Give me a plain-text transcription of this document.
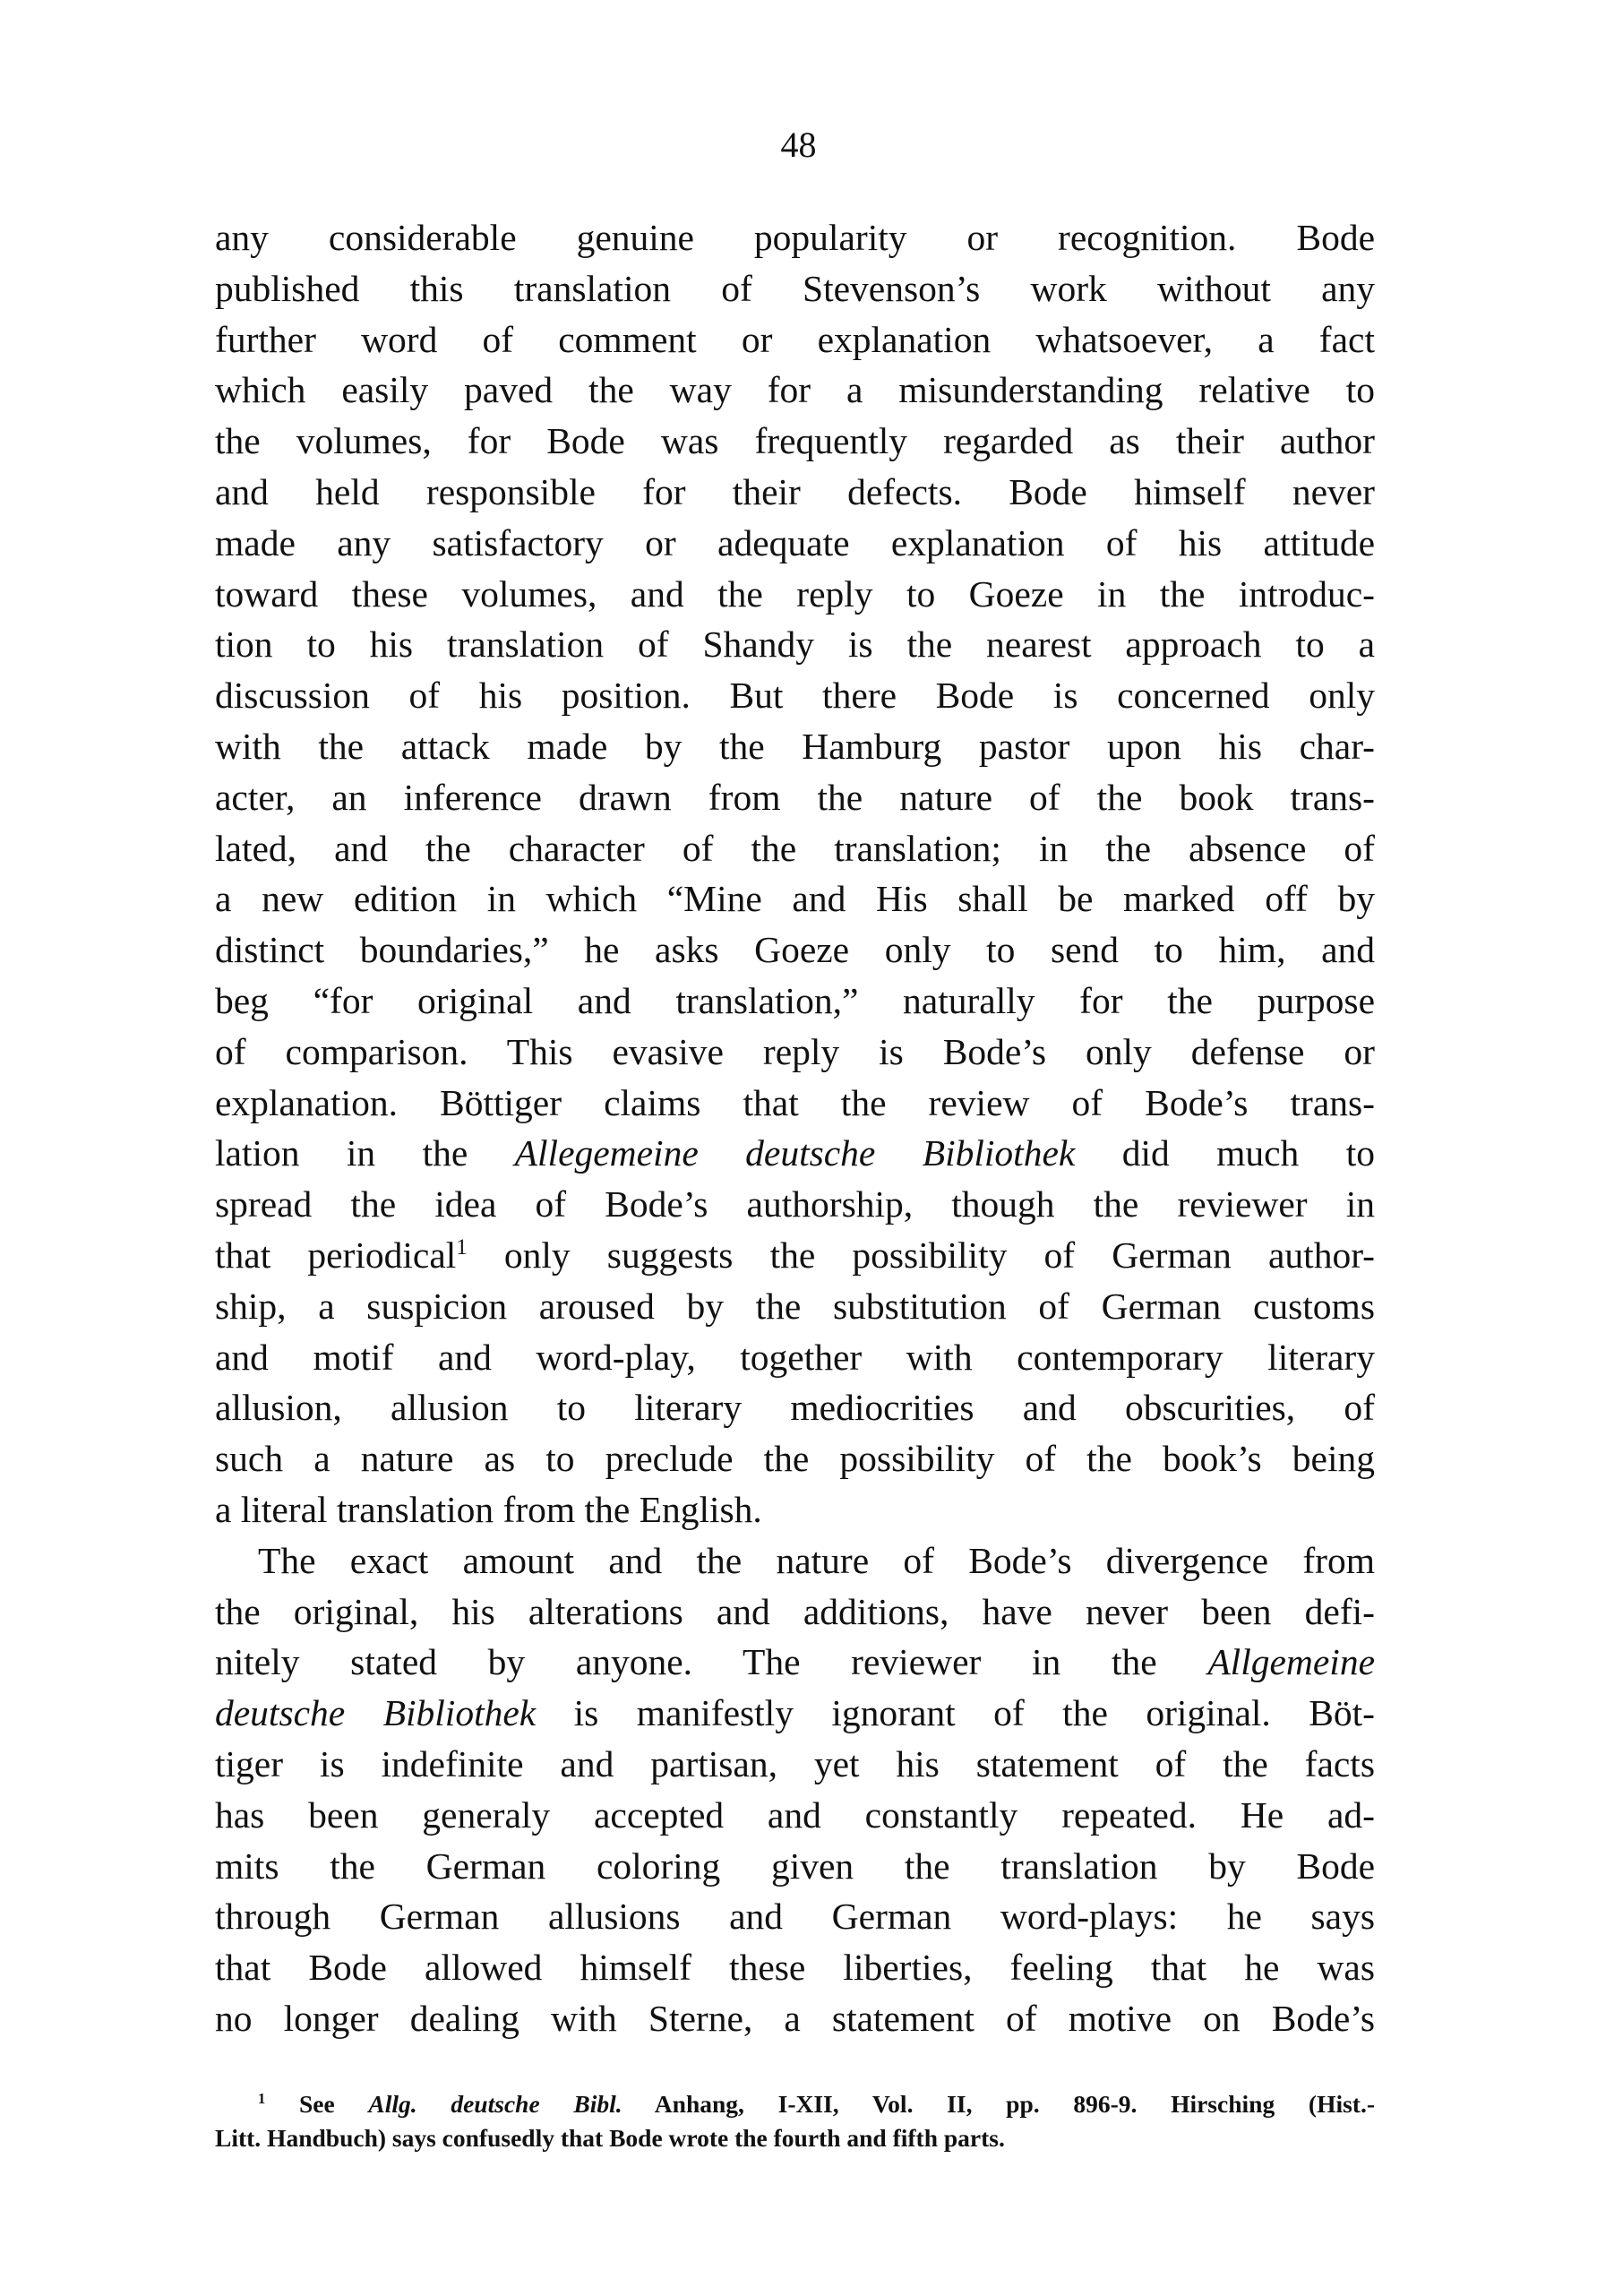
48
any considerable genuine popularity or recognition. Bode
published this translation of Stevenson’s work without any
further word of comment or explanation whatsoever, a fact
which easily paved the way for a misunderstanding relative to
the volumes, for Bode was frequently regarded as their author
and held responsible for their defects. Bode himself never
made any satisfactory or adequate explanation of his attitude
toward these volumes, and the reply to Goeze in the introduc-
tion to his translation of Shandy is the nearest approach to a
discussion of his position. But there Bode is concerned only
with the attack made by the Hamburg pastor upon his char-
acter, an inference drawn from the nature of the book trans-
lated, and the character of the translation; in the absence of
a new edition in which “Mine and His shall be marked off by
distinct boundaries,” he asks Goeze only to send to him, and
beg “for original and translation,” naturally for the purpose
of comparison. This evasive reply is Bode’s only defense or
explanation. Böttiger claims that the review of Bode’s trans-
lation in the Allegemeine deutsche Bibliothek did much to
spread the idea of Bode’s authorship, though the reviewer in
that periodical$^1$ only suggests the possibility of German author-
ship, a suspicion aroused by the substitution of German customs
and motif and word-play, together with contemporary literary
allusion, allusion to literary mediocrities and obscurities, of
such a nature as to preclude the possibility of the book’s being
a literal translation from the English.
The exact amount and the nature of Bode’s divergence from
the original, his alterations and additions, have never been defi-
nitely stated by anyone. The reviewer in the Allgemeine
deutsche Bibliothek is manifestly ignorant of the original. Böt-
tiger is indefinite and partisan, yet his statement of the facts
has been generaly accepted and constantly repeated. He ad-
mits the German coloring given the translation by Bode
through German allusions and German word-plays: he says
that Bode allowed himself these liberties, feeling that he was
no longer dealing with Sterne, a statement of motive on Bode’s
$^1$ See Allg. deutsche Bibl. Anhang, I-XII, Vol. II, pp. 896-9. Hirsching (Hist.-
Litt. Handbuch) says confusedly that Bode wrote the fourth and fifth parts.
